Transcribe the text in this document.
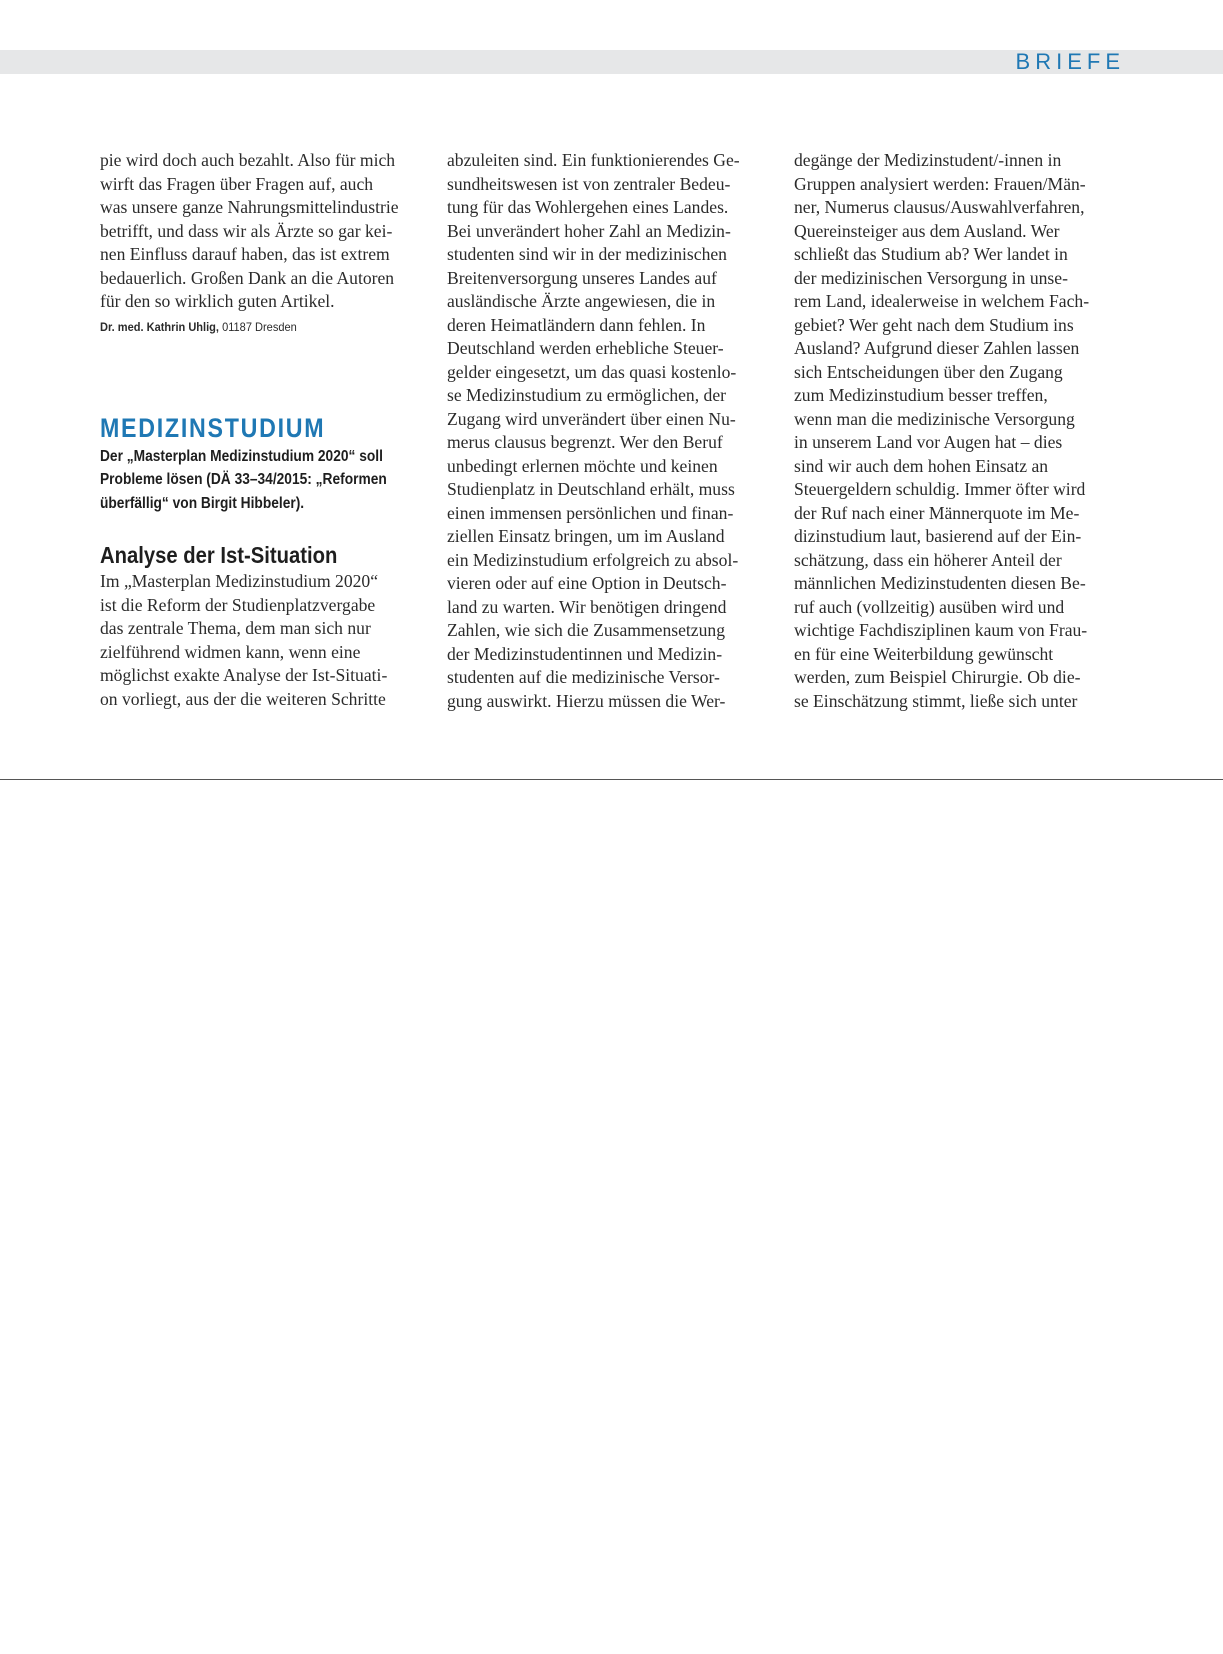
BRIEFE

pie wird doch auch bezahlt. Also für mich
wirft das Fragen über Fragen auf, auch
was unsere ganze Nahrungsmittelindustrie
betrifft, und dass wir als Ärzte so gar kei-
nen Einfluss darauf haben, das ist extrem
bedauerlich. Großen Dank an die Autoren
für den so wirklich guten Artikel.

Dr. med. Kathrin Uhlig, 01187 Dresden
MEDIZINSTUDIUM
Der „Masterplan Medizinstudium 2020“ soll
Probleme lösen (DÄ 33–34/2015: „Reformen
überfällig“ von Birgit Hibbeler).
Analyse der Ist-Situation

Im „Masterplan Medizinstudium 2020“
ist die Reform der Studienplatzvergabe
das zentrale Thema, dem man sich nur
zielführend widmen kann, wenn eine
möglichst exakte Analyse der Ist-Situati-
on vorliegt, aus der die weiteren Schritte

abzuleiten sind. Ein funktionierendes Ge-
sundheitswesen ist von zentraler Bedeu-
tung für das Wohlergehen eines Landes.
Bei unverändert hoher Zahl an Medizin-
studenten sind wir in der medizinischen
Breitenversorgung unseres Landes auf
ausländische Ärzte angewiesen, die in
deren Heimatländern dann fehlen. In
Deutschland werden erhebliche Steuer-
gelder eingesetzt, um das quasi kostenlo-
se Medizinstudium zu ermöglichen, der
Zugang wird unverändert über einen Nu-
merus clausus begrenzt. Wer den Beruf
unbedingt erlernen möchte und keinen
Studienplatz in Deutschland erhält, muss
einen immensen persönlichen und finan-
ziellen Einsatz bringen, um im Ausland
ein Medizinstudium erfolgreich zu absol-
vieren oder auf eine Option in Deutsch-
land zu warten. Wir benötigen dringend
Zahlen, wie sich die Zusammensetzung
der Medizinstudentinnen und Medizin-
studenten auf die medizinische Versor-
gung auswirkt. Hierzu müssen die Wer-

degänge der Medizinstudent/-innen in
Gruppen analysiert werden: Frauen/Män-
ner, Numerus clausus/Auswahlverfahren,
Quereinsteiger aus dem Ausland. Wer
schließt das Studium ab? Wer landet in
der medizinischen Versorgung in unse-
rem Land, idealerweise in welchem Fach-
gebiet? Wer geht nach dem Studium ins
Ausland? Aufgrund dieser Zahlen lassen
sich Entscheidungen über den Zugang
zum Medizinstudium besser treffen,
wenn man die medizinische Versorgung
in unserem Land vor Augen hat – dies
sind wir auch dem hohen Einsatz an
Steuergeldern schuldig. Immer öfter wird
der Ruf nach einer Männerquote im Me-
dizinstudium laut, basierend auf der Ein-
schätzung, dass ein höherer Anteil der
männlichen Medizinstudenten diesen Be-
ruf auch (vollzeitig) ausüben wird und
wichtige Fachdisziplinen kaum von Frau-
en für eine Weiterbildung gewünscht
werden, zum Beispiel Chirurgie. Ob die-
se Einschätzung stimmt, ließe sich unter
